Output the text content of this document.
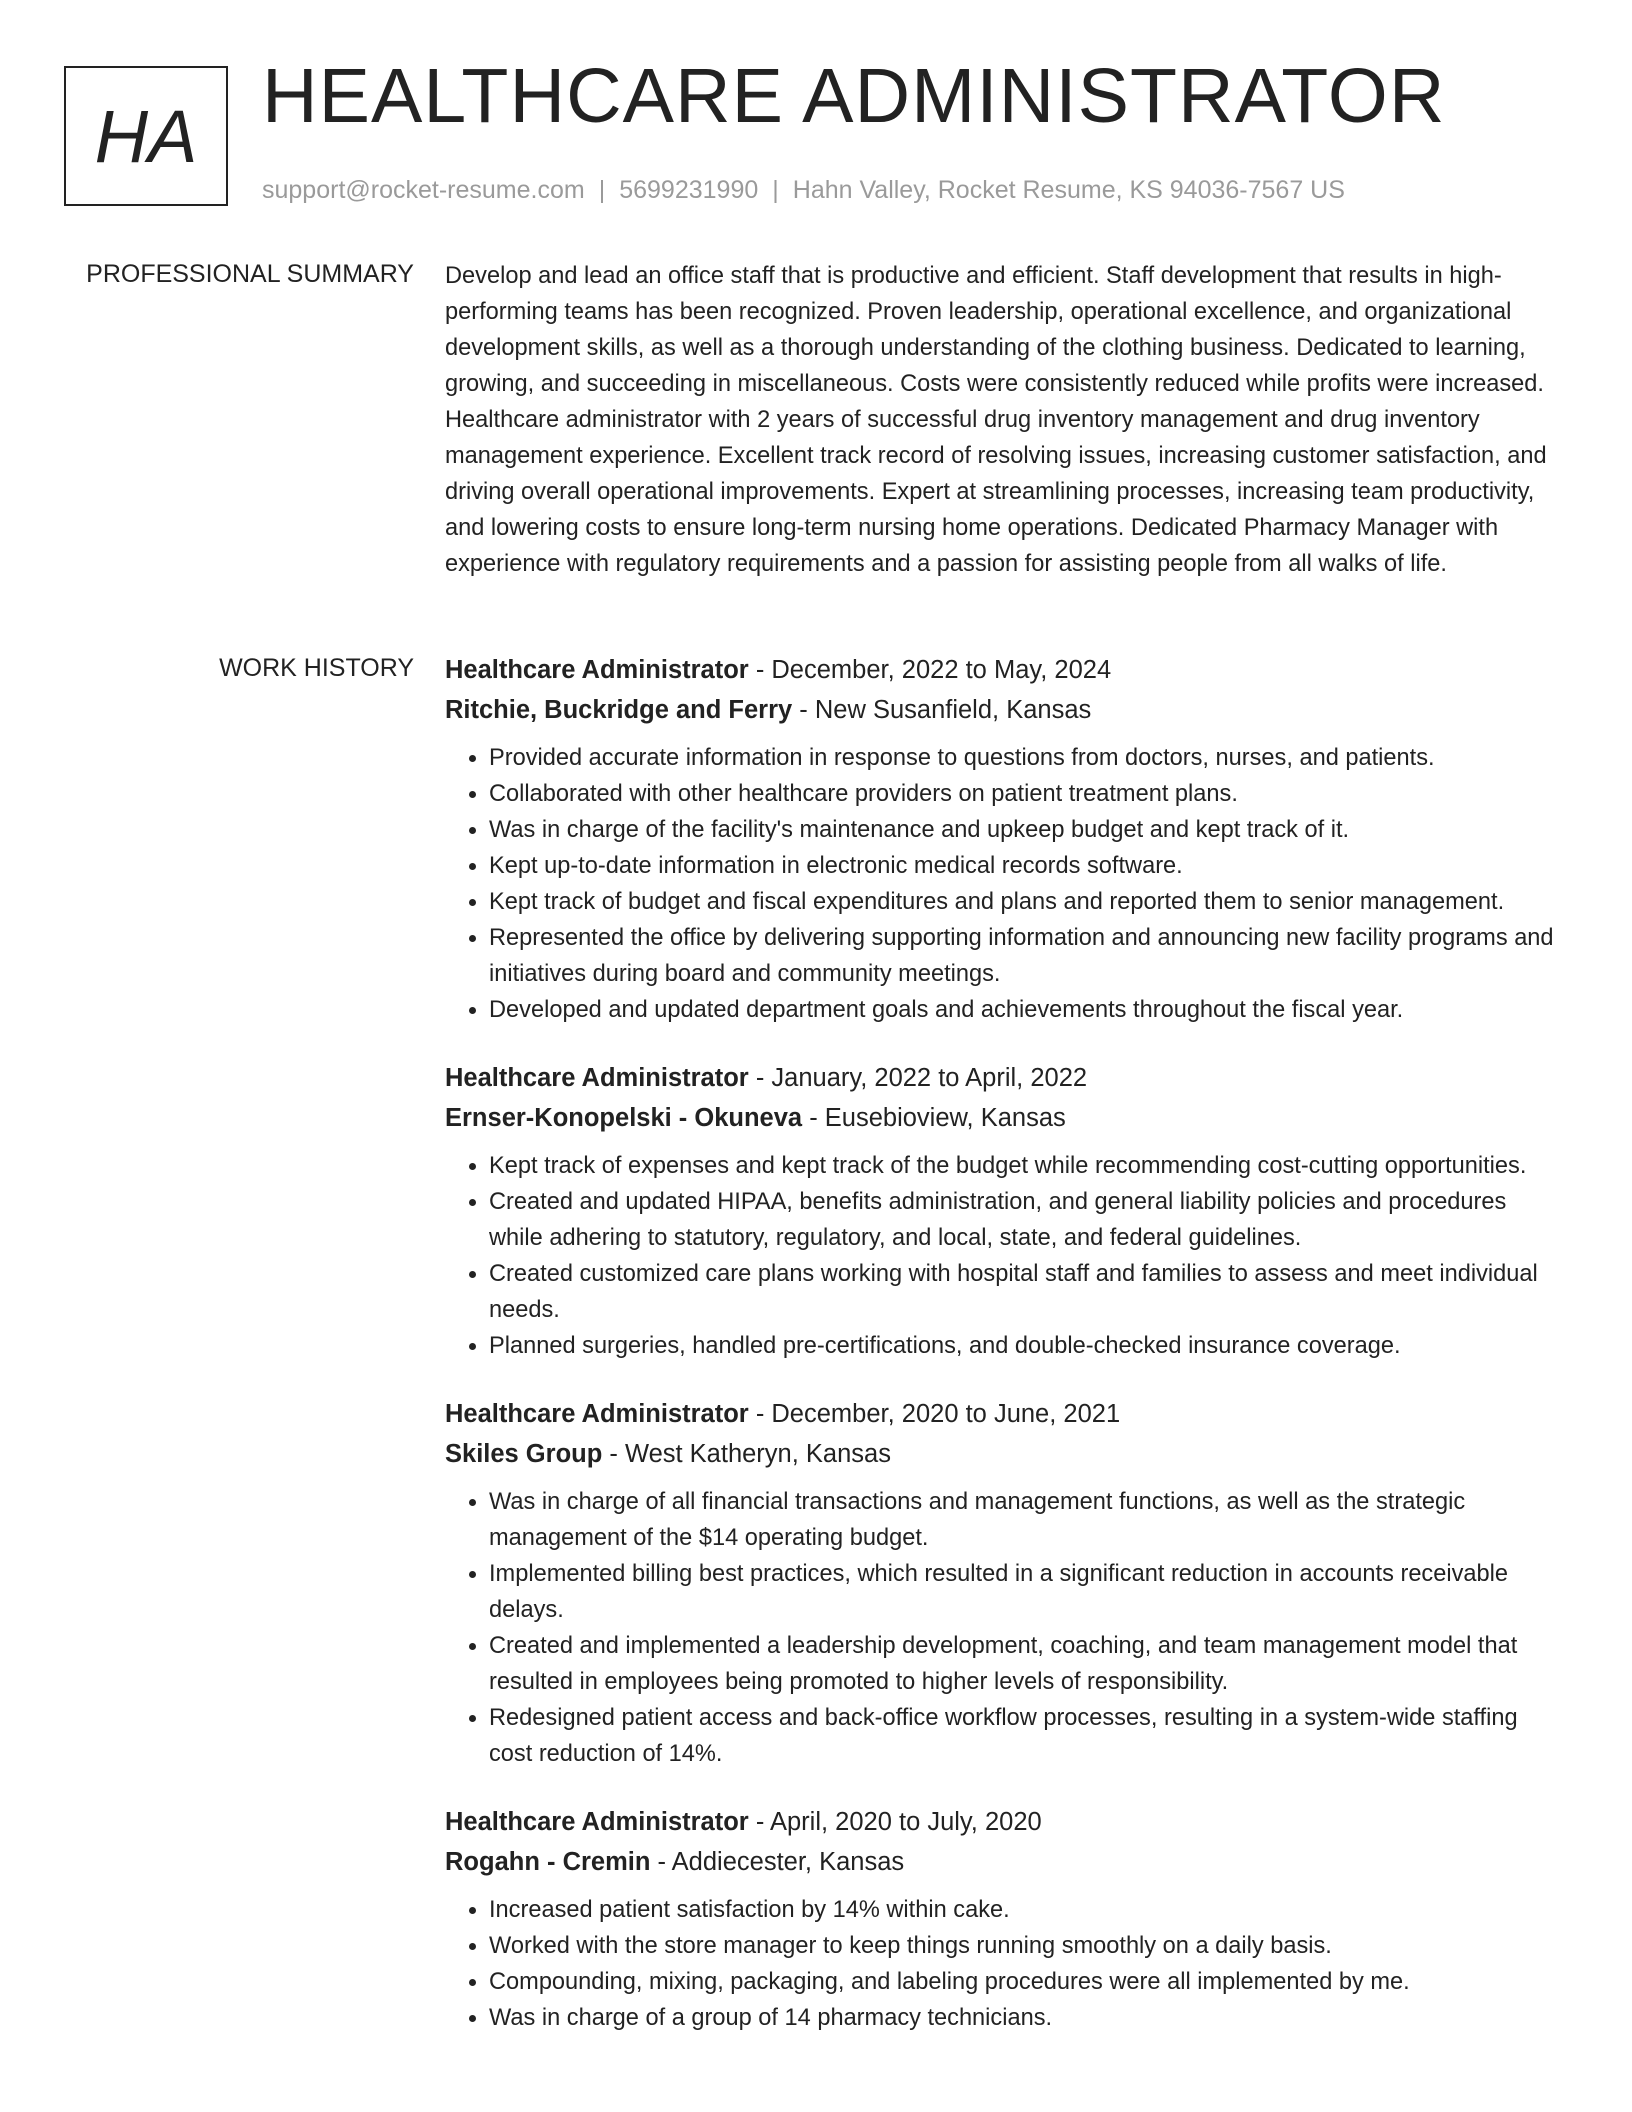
HA HEALTHCARE ADMINISTRATOR
support@rocket-resume.com | 5699231990 | Hahn Valley, Rocket Resume, KS 94036-7567 US
PROFESSIONAL SUMMARY Develop and lead an office staff that is productive and efficient. Staff development that results in high-performing teams has been recognized. Proven leadership, operational excellence, and organizational development skills, as well as a thorough understanding of the clothing business. Dedicated to learning, growing, and succeeding in miscellaneous. Costs were consistently reduced while profits were increased. Healthcare administrator with 2 years of successful drug inventory management and drug inventory management experience. Excellent track record of resolving issues, increasing customer satisfaction, and driving overall operational improvements. Expert at streamlining processes, increasing team productivity, and lowering costs to ensure long-term nursing home operations. Dedicated Pharmacy Manager with experience with regulatory requirements and a passion for assisting people from all walks of life.

WORK HISTORY Healthcare Administrator - December, 2022 to May, 2024
Ritchie, Buckridge and Ferry - New Susanfield, Kansas
• Provided accurate information in response to questions from doctors, nurses, and patients.
• Collaborated with other healthcare providers on patient treatment plans.
• Was in charge of the facility's maintenance and upkeep budget and kept track of it.
• Kept up-to-date information in electronic medical records software.
• Kept track of budget and fiscal expenditures and plans and reported them to senior management.
• Represented the office by delivering supporting information and announcing new facility programs and initiatives during board and community meetings.
• Developed and updated department goals and achievements throughout the fiscal year.
Healthcare Administrator - January, 2022 to April, 2022
Ernser-Konopelski - Okuneva - Eusebioview, Kansas
• Kept track of expenses and kept track of the budget while recommending cost-cutting opportunities.
• Created and updated HIPAA, benefits administration, and general liability policies and procedures while adhering to statutory, regulatory, and local, state, and federal guidelines.
• Created customized care plans working with hospital staff and families to assess and meet individual needs.
• Planned surgeries, handled pre-certifications, and double-checked insurance coverage.
Healthcare Administrator - December, 2020 to June, 2021
Skiles Group - West Katheryn, Kansas
• Was in charge of all financial transactions and management functions, as well as the strategic management of the $14 operating budget.
• Implemented billing best practices, which resulted in a significant reduction in accounts receivable delays.
• Created and implemented a leadership development, coaching, and team management model that resulted in employees being promoted to higher levels of responsibility.
• Redesigned patient access and back-office workflow processes, resulting in a system-wide staffing cost reduction of 14%.
Healthcare Administrator - April, 2020 to July, 2020
Rogahn - Cremin - Addiecester, Kansas
• Increased patient satisfaction by 14% within cake.
• Worked with the store manager to keep things running smoothly on a daily basis.
• Compounding, mixing, packaging, and labeling procedures were all implemented by me.
• Was in charge of a group of 14 pharmacy technicians.
